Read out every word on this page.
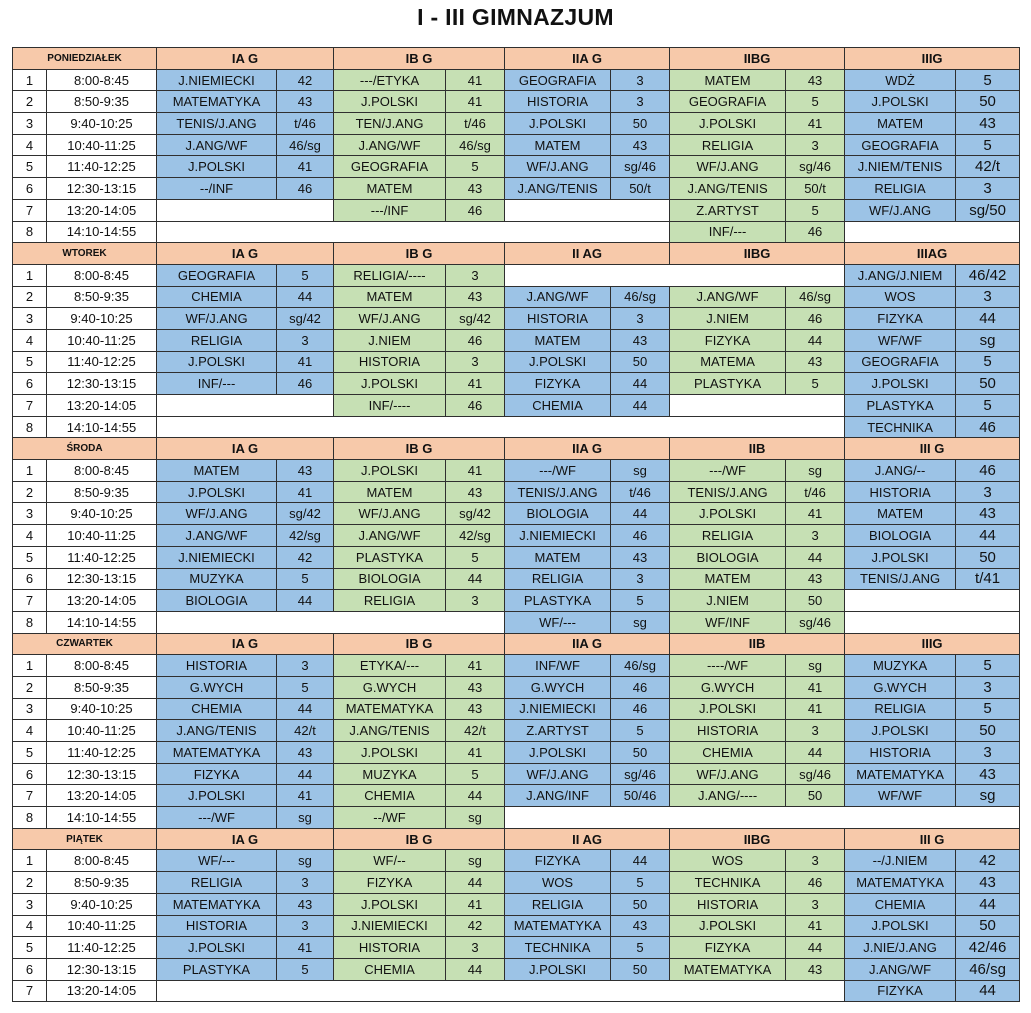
I - III GIMNAZJUM
PONIEDZIAŁEK		IA G		IB G		IIA G		IIBG		IIIG	
1	8:00-8:45	J.NIEMIECKI	42	---/ETYKA	41	GEOGRAFIA	3	MATEM	43	WDŻ	5
2	8:50-9:35	MATEMATYKA	43	J.POLSKI	41	HISTORIA	3	GEOGRAFIA	5	J.POLSKI	50
3	9:40-10:25	TENIS/J.ANG	t/46	TEN/J.ANG	t/46	J.POLSKI	50	J.POLSKI	41	MATEM	43
4	10:40-11:25	J.ANG/WF	46/sg	J.ANG/WF	46/sg	MATEM	43	RELIGIA	3	GEOGRAFIA	5
5	11:40-12:25	J.POLSKI	41	GEOGRAFIA	5	WF/J.ANG	sg/46	WF/J.ANG	sg/46	J.NIEM/TENIS	42/t
6	12:30-13:15	--/INF	46	MATEM	43	J.ANG/TENIS	50/t	J.ANG/TENIS	50/t	RELIGIA	3
7	13:20-14:05			---/INF	46			Z.ARTYST	5	WF/J.ANG	sg/50
8	14:10-14:55							INF/---	46		
WTOREK		IA G		IB G		II AG		IIBG		IIIAG	
1	8:00-8:45	GEOGRAFIA	5	RELIGIA/----	3					J.ANG/J.NIEM	46/42
2	8:50-9:35	CHEMIA	44	MATEM	43	J.ANG/WF	46/sg	J.ANG/WF	46/sg	WOS	3
3	9:40-10:25	WF/J.ANG	sg/42	WF/J.ANG	sg/42	HISTORIA	3	J.NIEM	46	FIZYKA	44
4	10:40-11:25	RELIGIA	3	J.NIEM	46	MATEM	43	FIZYKA	44	WF/WF	sg
5	11:40-12:25	J.POLSKI	41	HISTORIA	3	J.POLSKI	50	MATEMA	43	GEOGRAFIA	5
6	12:30-13:15	INF/---	46	J.POLSKI	41	FIZYKA	44	PLASTYKA	5	J.POLSKI	50
7	13:20-14:05			INF/----	46	CHEMIA	44			PLASTYKA	5
8	14:10-14:55									TECHNIKA	46
ŚRODA		IA G		IB G		IIA G		IIB		III G	
1	8:00-8:45	MATEM	43	J.POLSKI	41	---/WF	sg	---/WF	sg	J.ANG/--	46
2	8:50-9:35	J.POLSKI	41	MATEM	43	TENIS/J.ANG	t/46	TENIS/J.ANG	t/46	HISTORIA	3
3	9:40-10:25	WF/J.ANG	sg/42	WF/J.ANG	sg/42	BIOLOGIA	44	J.POLSKI	41	MATEM	43
4	10:40-11:25	J.ANG/WF	42/sg	J.ANG/WF	42/sg	J.NIEMIECKI	46	RELIGIA	3	BIOLOGIA	44
5	11:40-12:25	J.NIEMIECKI	42	PLASTYKA	5	MATEM	43	BIOLOGIA	44	J.POLSKI	50
6	12:30-13:15	MUZYKA	5	BIOLOGIA	44	RELIGIA	3	MATEM	43	TENIS/J.ANG	t/41
7	13:20-14:05	BIOLOGIA	44	RELIGIA	3	PLASTYKA	5	J.NIEM	50		
8	14:10-14:55					WF/---	sg	WF/INF	sg/46		
CZWARTEK		IA G		IB G		IIA G		IIB		IIIG	
1	8:00-8:45	HISTORIA	3	ETYKA/---	41	INF/WF	46/sg	----/WF	sg	MUZYKA	5
2	8:50-9:35	G.WYCH	5	G.WYCH	43	G.WYCH	46	G.WYCH	41	G.WYCH	3
3	9:40-10:25	CHEMIA	44	MATEMATYKA	43	J.NIEMIECKI	46	J.POLSKI	41	RELIGIA	5
4	10:40-11:25	J.ANG/TENIS	42/t	J.ANG/TENIS	42/t	Z.ARTYST	5	HISTORIA	3	J.POLSKI	50
5	11:40-12:25	MATEMATYKA	43	J.POLSKI	41	J.POLSKI	50	CHEMIA	44	HISTORIA	3
6	12:30-13:15	FIZYKA	44	MUZYKA	5	WF/J.ANG	sg/46	WF/J.ANG	sg/46	MATEMATYKA	43
7	13:20-14:05	J.POLSKI	41	CHEMIA	44	J.ANG/INF	50/46	J.ANG/----	50	WF/WF	sg
8	14:10-14:55	---/WF	sg	--/WF	sg						
PIĄTEK		IA G		IB G		II AG		IIBG		III G	
1	8:00-8:45	WF/---	sg	WF/--	sg	FIZYKA	44	WOS	3	--/J.NIEM	42
2	8:50-9:35	RELIGIA	3	FIZYKA	44	WOS	5	TECHNIKA	46	MATEMATYKA	43
3	9:40-10:25	MATEMATYKA	43	J.POLSKI	41	RELIGIA	50	HISTORIA	3	CHEMIA	44
4	10:40-11:25	HISTORIA	3	J.NIEMIECKI	42	MATEMATYKA	43	J.POLSKI	41	J.POLSKI	50
5	11:40-12:25	J.POLSKI	41	HISTORIA	3	TECHNIKA	5	FIZYKA	44	J.NIE/J.ANG	42/46
6	12:30-13:15	PLASTYKA	5	CHEMIA	44	J.POLSKI	50	MATEMATYKA	43	J.ANG/WF	46/sg
7	13:20-14:05									FIZYKA	44
